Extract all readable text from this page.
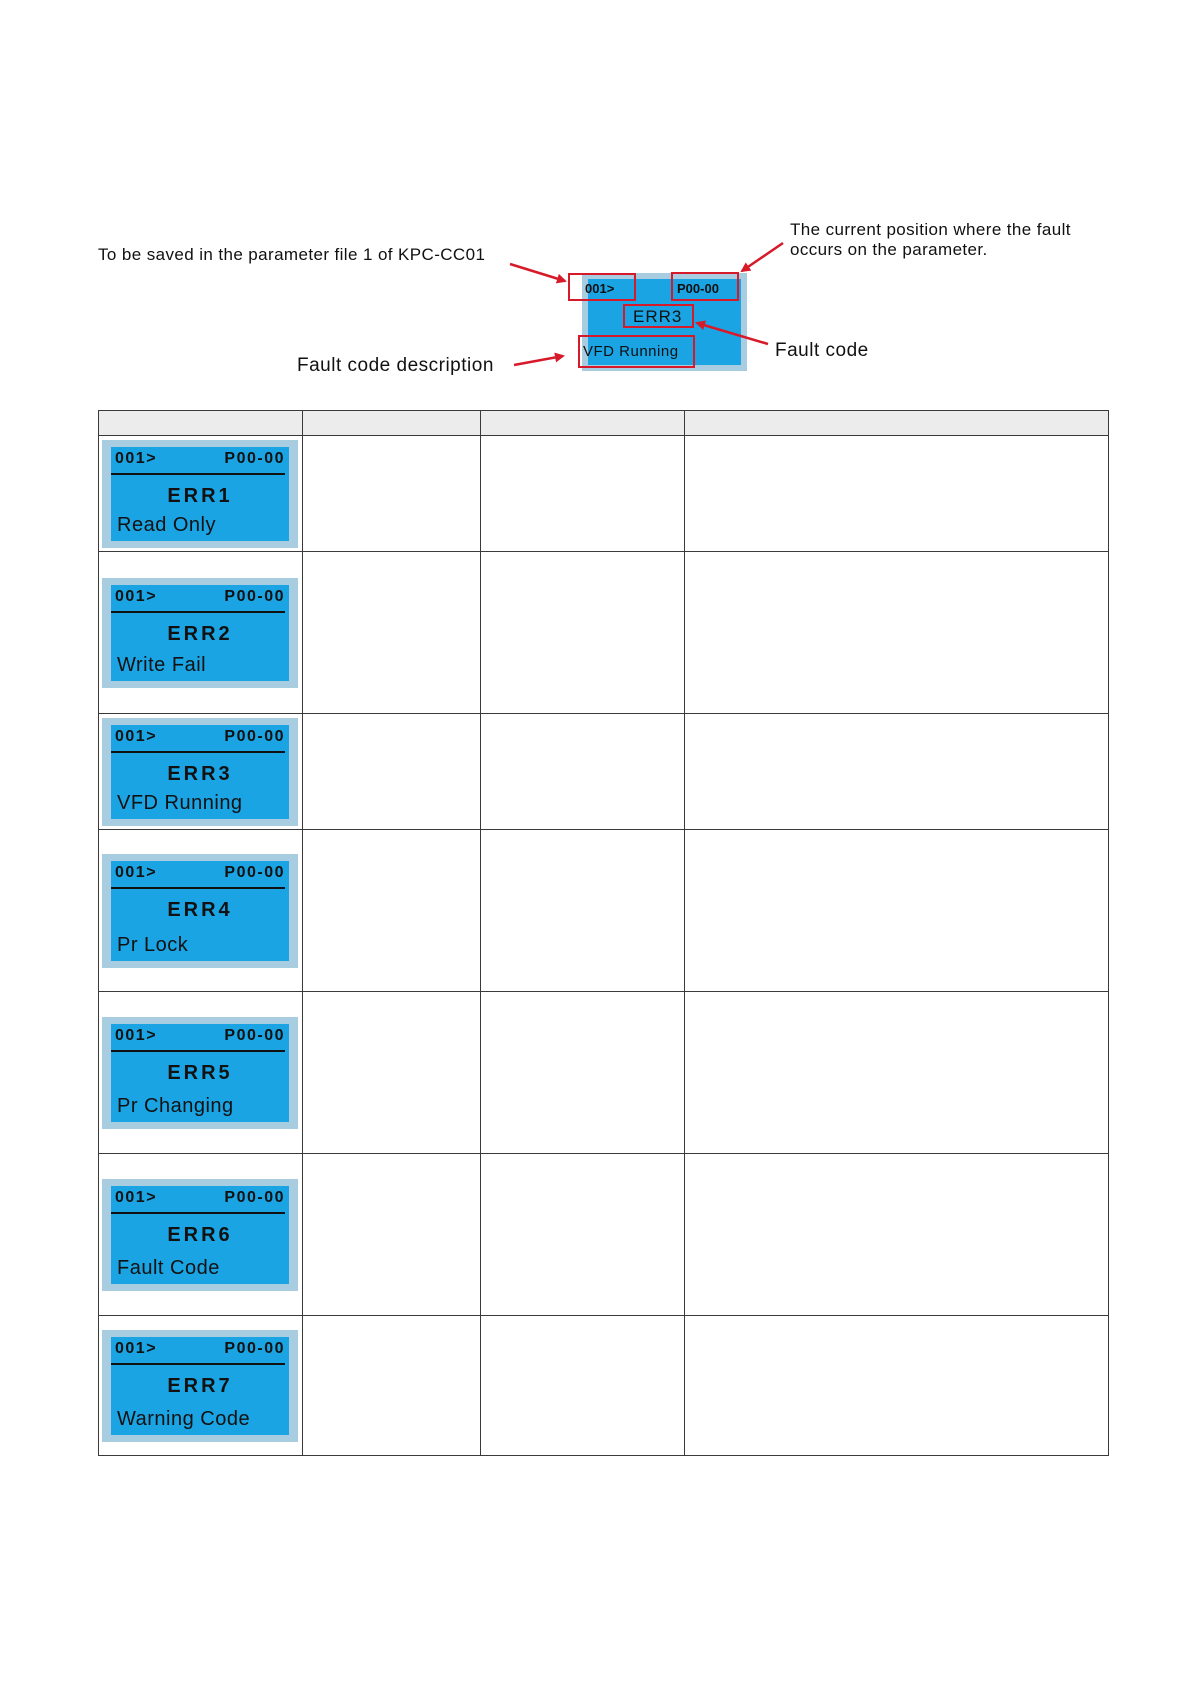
To be saved in the parameter file 1 of KPC-CC01
The current position where the fault
occurs on the parameter.
Fault code
Fault code description
001>	P00-00
ERR3
VFD Running

001> P00-00
ERR1
Read Only			

001> P00-00
ERR2
Write Fail			

001> P00-00
ERR3
VFD Running			

001> P00-00
ERR4
Pr Lock			

001> P00-00
ERR5
Pr Changing			

001> P00-00
ERR6
Fault Code			

001> P00-00
ERR7
Warning Code			
